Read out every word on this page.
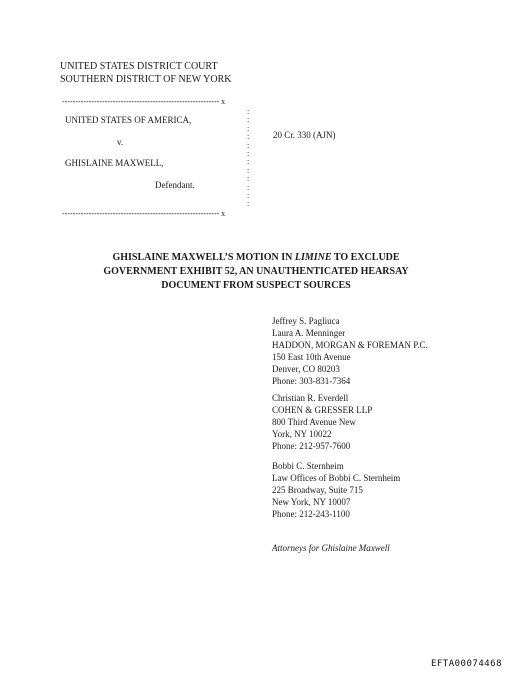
UNITED STATES DISTRICT COURT
SOUTHERN DISTRICT OF NEW YORK
----------------------------------------------------------- x
:
:
:
:
:
:
:
:
:
:
:
:
UNITED STATES OF AMERICA,
v.
GHISLAINE MAXWELL,
Defendant.
20 Cr. 330 (AJN)
----------------------------------------------------------- x
GHISLAINE MAXWELL’S MOTION IN LIMINE TO EXCLUDE
GOVERNMENT EXHIBIT 52, AN UNAUTHENTICATED HEARSAY
DOCUMENT FROM SUSPECT SOURCES
Jeffrey S. Pagliuca
Laura A. Menninger
HADDON, MORGAN & FOREMAN P.C.
150 East 10th Avenue
Denver, CO 80203
Phone: 303-831-7364
Christian R. Everdell
COHEN & GRESSER LLP
800 Third Avenue New
York, NY 10022
Phone: 212-957-7600
Bobbi C. Sternheim
Law Offices of Bobbi C. Sternheim
225 Broadway, Suite 715
New York, NY 10007
Phone: 212-243-1100
Attorneys for Ghislaine Maxwell
EFTA00074468
